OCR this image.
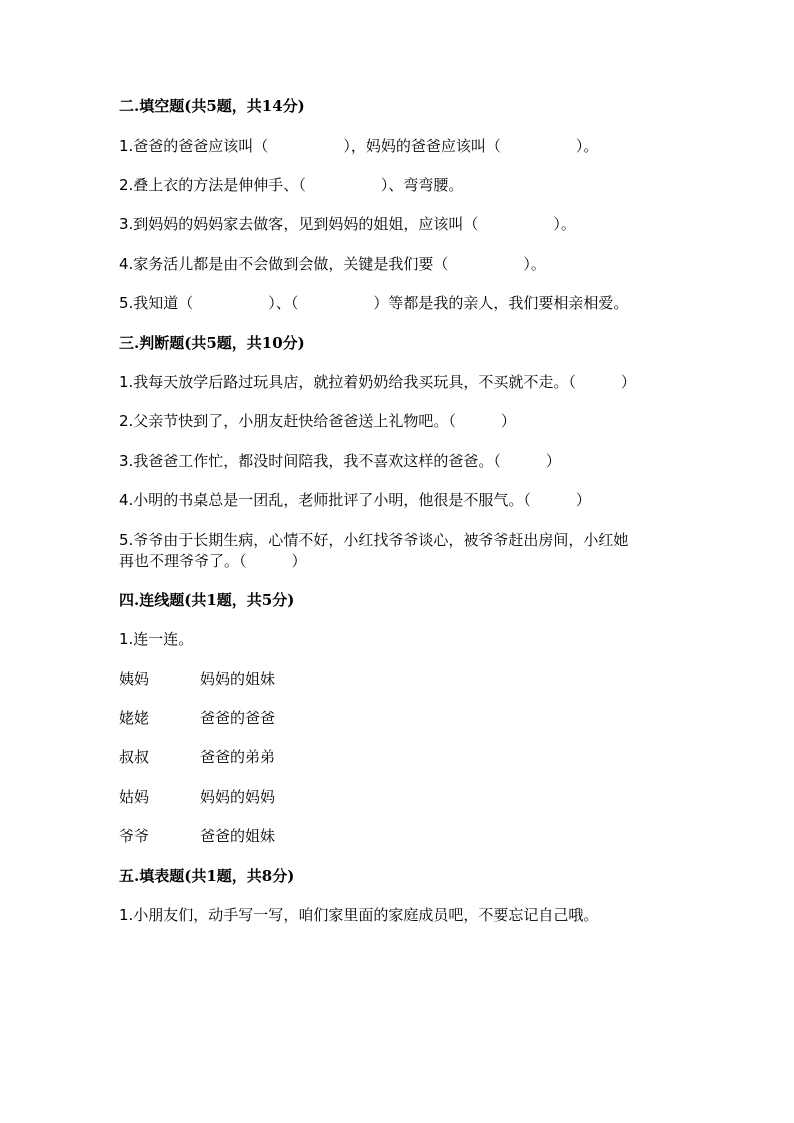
二.填空题(共5题，共14分)
1.爸爸的爸爸应该叫（　　　　　），妈妈的爸爸应该叫（　　　　　）。
2.叠上衣的方法是伸伸手、（　　　　　）、弯弯腰。
3.到妈妈的妈妈家去做客，见到妈妈的姐姐，应该叫（　　　　　）。
4.家务活儿都是由不会做到会做，关键是我们要（　　　　　）。
5.我知道（　　　　　）、（　　　　　）等都是我的亲人，我们要相亲相爱。
三.判断题(共5题，共10分)
1.我每天放学后路过玩具店，就拉着奶奶给我买玩具，不买就不走。（　　　）
2.父亲节快到了，小朋友赶快给爸爸送上礼物吧。（　　　）
3.我爸爸工作忙，都没时间陪我，我不喜欢这样的爸爸。（　　　）
4.小明的书桌总是一团乱，老师批评了小明，他很是不服气。（　　　）
5.爷爷由于长期生病，心情不好，小红找爷爷谈心，被爷爷赶出房间，小红她
再也不理爷爷了。（　　　）
四.连线题(共1题，共5分)
1.连一连。
姨妈	妈妈的姐妹
姥姥	爸爸的爸爸
叔叔	爸爸的弟弟
姑妈	妈妈的妈妈
爷爷	爸爸的姐妹
五.填表题(共1题，共8分)
1.小朋友们，动手写一写，咱们家里面的家庭成员吧，不要忘记自己哦。
